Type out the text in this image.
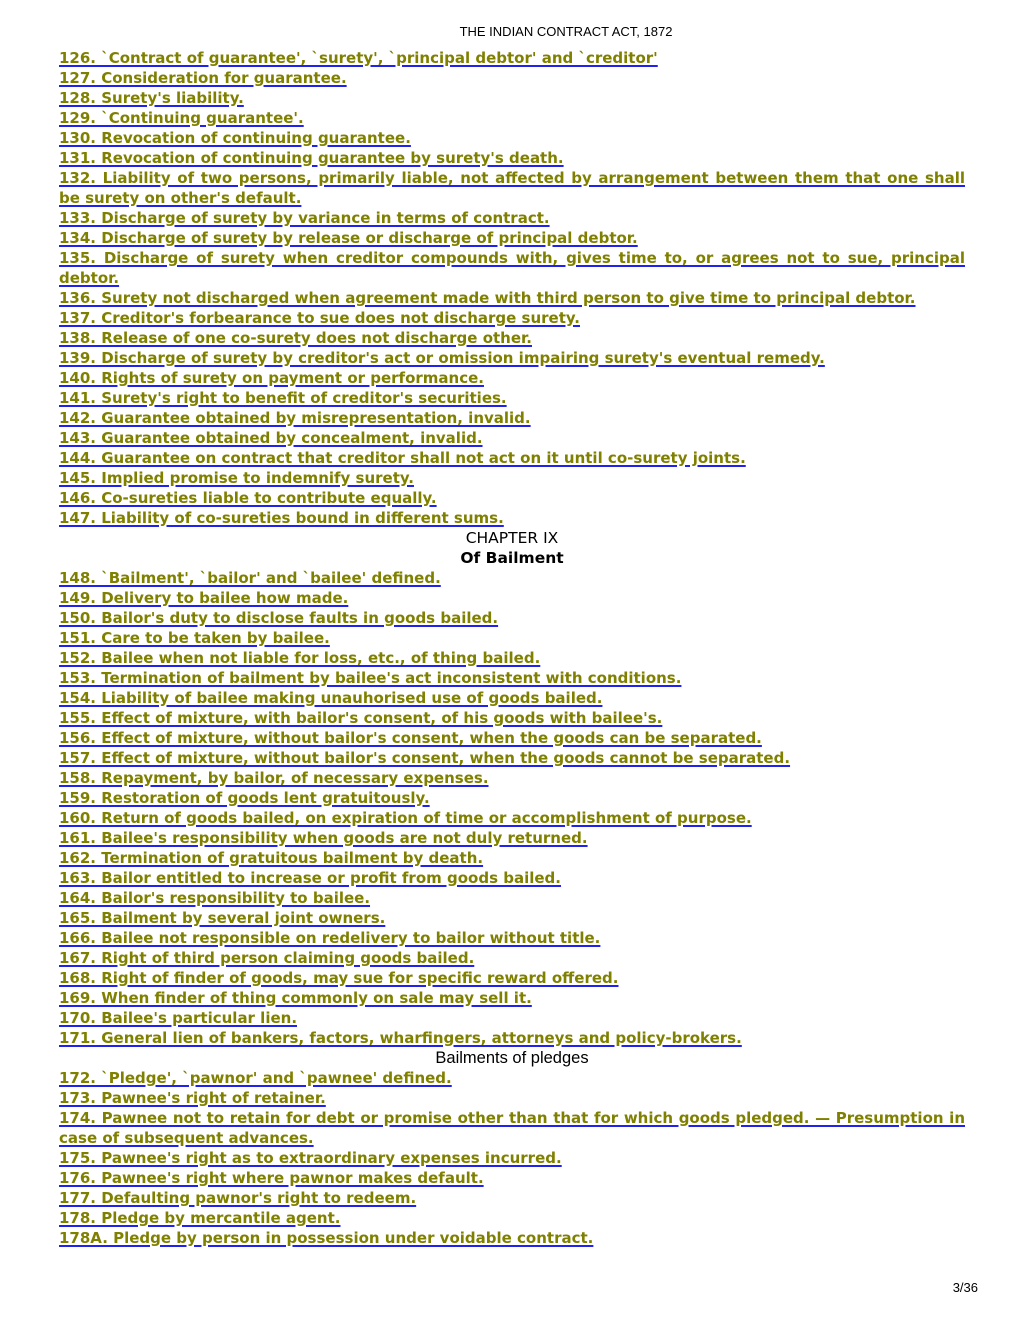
THE INDIAN CONTRACT ACT, 1872
126. `Contract of guarantee', `surety', `principal debtor' and `creditor'
127. Consideration for guarantee.
128. Surety's liability.
129. `Continuing guarantee'.
130. Revocation of continuing guarantee.
131. Revocation of continuing guarantee by surety's death.
132. Liability of two persons, primarily liable, not affected by arrangement between them that one shall be surety on other's default.
133. Discharge of surety by variance in terms of contract.
134. Discharge of surety by release or discharge of principal debtor.
135. Discharge of surety when creditor compounds with, gives time to, or agrees not to sue, principal debtor.
136. Surety not discharged when agreement made with third person to give time to principal debtor.
137. Creditor's forbearance to sue does not discharge surety.
138. Release of one co-surety does not discharge other.
139. Discharge of surety by creditor's act or omission impairing surety's eventual remedy.
140. Rights of surety on payment or performance.
141. Surety's right to benefit of creditor's securities.
142. Guarantee obtained by misrepresentation, invalid.
143. Guarantee obtained by concealment, invalid.
144. Guarantee on contract that creditor shall not act on it until co-surety joints.
145. Implied promise to indemnify surety.
146. Co-sureties liable to contribute equally.
147. Liability of co-sureties bound in different sums.
CHAPTER IX
Of Bailment
148. `Bailment', `bailor' and `bailee' defined.
149. Delivery to bailee how made.
150. Bailor's duty to disclose faults in goods bailed.
151. Care to be taken by bailee.
152. Bailee when not liable for loss, etc., of thing bailed.
153. Termination of bailment by bailee's act inconsistent with conditions.
154. Liability of bailee making unauhorised use of goods bailed.
155. Effect of mixture, with bailor's consent, of his goods with bailee's.
156. Effect of mixture, without bailor's consent, when the goods can be separated.
157. Effect of mixture, without bailor's consent, when the goods cannot be separated.
158. Repayment, by bailor, of necessary expenses.
159. Restoration of goods lent gratuitously.
160. Return of goods bailed, on expiration of time or accomplishment of purpose.
161. Bailee's responsibility when goods are not duly returned.
162. Termination of gratuitous bailment by death.
163. Bailor entitled to increase or profit from goods bailed.
164. Bailor's responsibility to bailee.
165. Bailment by several joint owners.
166. Bailee not responsible on redelivery to bailor without title.
167. Right of third person claiming goods bailed.
168. Right of finder of goods, may sue for specific reward offered.
169. When finder of thing commonly on sale may sell it.
170. Bailee's particular lien.
171. General lien of bankers, factors, wharfingers, attorneys and policy-brokers.
Bailments of pledges
172. `Pledge', `pawnor' and `pawnee' defined.
173. Pawnee's right of retainer.
174. Pawnee not to retain for debt or promise other than that for which goods pledged. — Presumption in case of subsequent advances.
175. Pawnee's right as to extraordinary expenses incurred.
176. Pawnee's right where pawnor makes default.
177. Defaulting pawnor's right to redeem.
178. Pledge by mercantile agent.
178A. Pledge by person in possession under voidable contract.
3/36
